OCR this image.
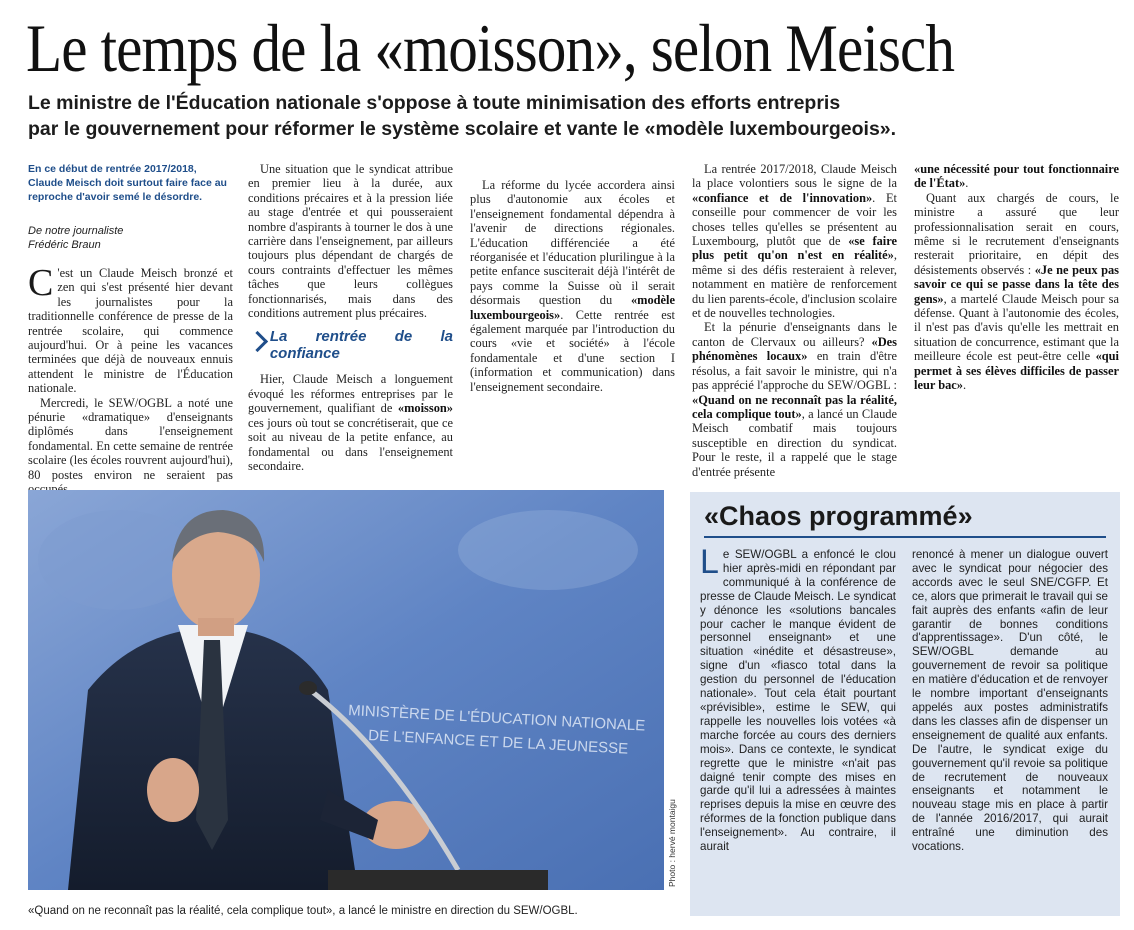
Le temps de la «moisson», selon Meisch
Le ministre de l'Éducation nationale s'oppose à toute minimisation des efforts entrepris
par le gouvernement pour réformer le système scolaire et vante le «modèle luxembourgeois».
En ce début de rentrée 2017/2018, Claude Meisch doit surtout faire face au reproche d'avoir semé le désordre.
De notre journaliste
Frédéric Braun

C 'est un Claude Meisch bronzé et zen qui s'est présenté hier devant les journalistes pour la traditionnelle conférence de presse de la rentrée scolaire, qui commence aujourd'hui. Or à peine les vacances terminées que déjà de nouveaux ennuis attendent le ministre de l'Éducation nationale.

Mercredi, le SEW/OGBL a noté une pénurie «dramatique» d'enseignants diplômés dans l'enseignement fondamental. En cette semaine de rentrée scolaire (les écoles rouvrent aujourd'hui), 80 postes environ ne seraient pas

Une situation que le syndicat attribue en premier lieu à la durée, aux conditions précaires et à la pression liée au stage d'entrée et qui pousseraient nombre d'aspirants à tourner le dos à une carrière dans l'enseignement, par ailleurs toujours plus dépendant de chargés de cours contraints d'effectuer les mêmes tâches que leurs collègues fonctionnarisés, mais dans des conditions autrement plus précaires.

La rentrée de la confiance

Hier, Claude Meisch a longuement évoqué les réformes entreprises par le gouvernement, qualifiant de «moisson» ces jours où tout se concrétiserait, que ce soit au niveau de la petite enfance, au fondamental ou dans l'enseignement secondaire.

La réforme du lycée accordera ainsi plus d'autonomie aux écoles et l'enseignement fondamental dépendra à l'avenir de directions régionales. L'éducation différenciée a été réorganisée et l'éducation plurilingue à la petite enfance susciterait déjà l'intérêt de pays comme la Suisse où il serait désormais question du «modèle luxembourgeois». Cette rentrée est également marquée par l'introduction du cours «vie et société» à l'école fondamentale et d'une section I (information et communication) dans l'enseignement secondaire.

La rentrée 2017/2018, Claude Meisch la place volontiers sous le signe de la «confiance et de l'innovation». Et conseille pour commencer de voir les choses telles qu'elles se présentent au Luxembourg, plutôt que de «se faire plus petit qu'on n'est en réalité», même si des défis resteraient à relever, notamment en matière de renforcement du lien parents-école, d'inclusion scolaire et de nouvelles technologies.

Et la pénurie d'enseignants dans le canton de Clervaux ou ailleurs? «Des phénomènes locaux» en train d'être résolus, a fait savoir le ministre, qui n'a pas apprécié l'approche du SEW/OGBL : «Quand on ne reconnaît pas la réalité, cela complique tout», a lancé un Claude Meisch combatif mais toujours susceptible en direction du syndicat. Pour le reste, il a rappelé que le stage d'entrée présente

«une nécessité pour tout fonctionnaire de l'État».

Quant aux chargés de cours, le ministre a assuré que leur professionnalisation serait en cours, même si le recrutement d'enseignants resterait prioritaire, en dépit des désistements observés : «Je ne peux pas savoir ce qui se passe dans la tête des gens», a martelé Claude Meisch pour sa défense. Quant à l'autonomie des écoles, il n'est pas d'avis qu'elle les mettrait en situation de concurrence, estimant que la meilleure école est peut-être celle «qui permet à ses élèves difficiles de passer leur bac».

MINISTÈRE DE L'ÉDUCATION NATIONALE
DE L'ENFANCE ET DE LA JEUNESSE
Photo : hervé montaigu
«Quand on ne reconnaît pas la réalité, cela complique tout», a lancé le ministre en direction du SEW/OGBL.
«Chaos programmé»

Le SEW/OGBL a enfoncé le clou hier après-midi en répondant par communiqué à la conférence de presse de Claude Meisch. Le syndicat y dénonce les «solutions bancales pour cacher le manque évident de personnel enseignant» et une situation «inédite et désastreuse», signe d'un «fiasco total dans la gestion du personnel de l'éducation nationale». Tout cela était pourtant «prévisible», estime le SEW, qui rappelle les nouvelles lois votées «à marche forcée au cours des derniers mois». Dans ce contexte, le syndicat regrette que le ministre «n'ait pas daigné tenir compte des mises en garde qu'il lui a adressées à maintes reprises depuis la mise en œuvre des réformes de la fonction publique dans l'enseignement». Au contraire, il aurait

renoncé à mener un dialogue ouvert avec le syndicat pour négocier des accords avec le seul SNE/CGFP. Et ce, alors que primerait le travail qui se fait auprès des enfants «afin de leur garantir de bonnes conditions d'apprentissage». D'un côté, le SEW/OGBL demande au gouvernement de revoir sa politique en matière d'éducation et de renvoyer le nombre important d'enseignants appelés aux postes administratifs dans les classes afin de dispenser un enseignement de qualité aux enfants. De l'autre, le syndicat exige du gouvernement qu'il revoie sa politique de recrutement de nouveaux enseignants et notamment le nouveau stage mis en place à partir de l'année 2016/2017, qui aurait entraîné une diminution des vocations.
